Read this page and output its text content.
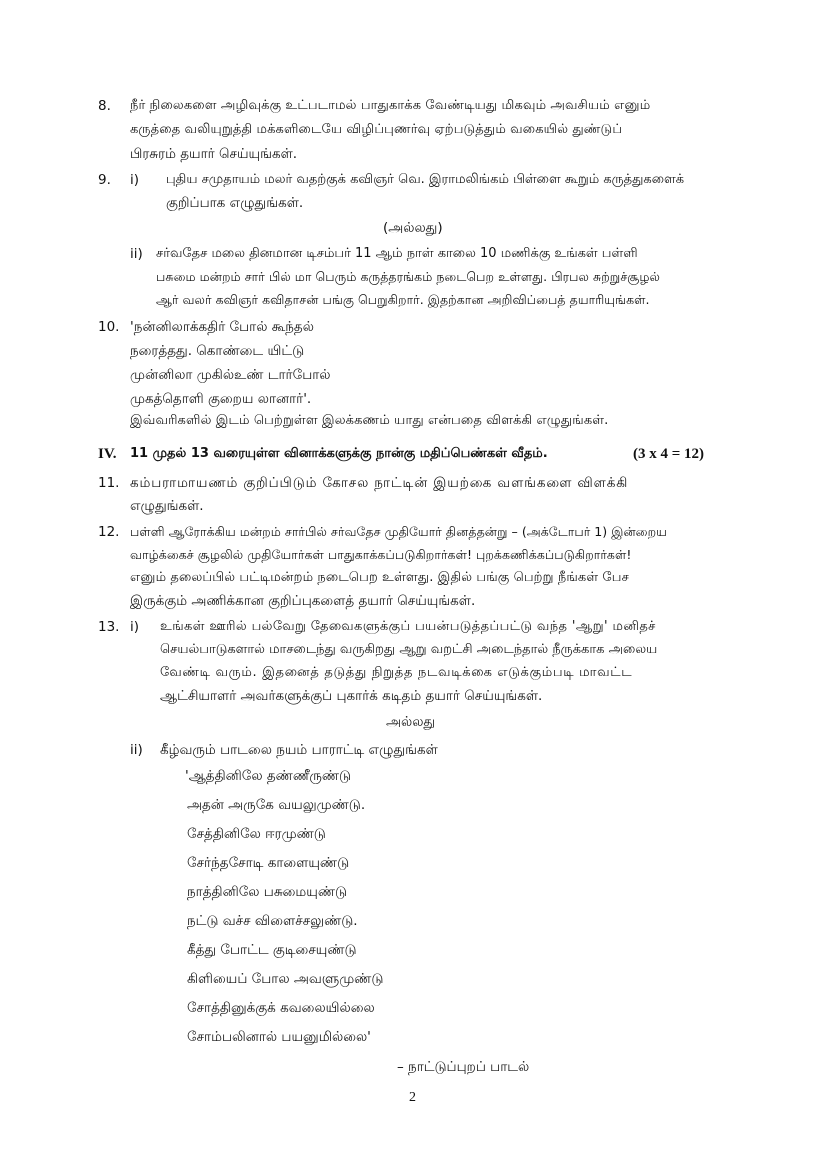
8. நீர் நிலைகளை அழிவுக்கு உட்படாமல் பாதுகாக்க வேண்டியது மிகவும் அவசியம் எனும்
கருத்தை வலியுறுத்தி மக்களிடையே விழிப்புணர்வு ஏற்படுத்தும் வகையில் துண்டுப்
பிரசுரம் தயார் செய்யுங்கள்.
9. i) புதிய சமுதாயம் மலர் வதற்குக் கவிஞர் வெ. இராமலிங்கம் பிள்ளை கூறும் கருத்துகளைக்
குறிப்பாக எழுதுங்கள்.
(அல்லது)
ii) சர்வதேச மலை தினமான டிசம்பர் 11 ஆம் நாள் காலை 10 மணிக்கு உங்கள் பள்ளி
பசுமை மன்றம் சார் பில் மா பெரும் கருத்தரங்கம் நடைபெற உள்ளது. பிரபல சுற்றுச்சூழல்
ஆர் வலர் கவிஞர் கவிதாசன் பங்கு பெறுகிறார். இதற்கான அறிவிப்பைத் தயாரியுங்கள்.
10. 'நன்னிலாக்கதிர் போல் கூந்தல்
நரைத்தது. கொண்டை யிட்டு
முன்னிலா முகில்உண் டார்போல்
முகத்தொளி குறைய லானார்'.
இவ்வரிகளில் இடம் பெற்றுள்ள இலக்கணம் யாது என்பதை விளக்கி எழுதுங்கள்.
IV. 11 முதல் 13 வரையுள்ள வினாக்களுக்கு நான்கு மதிப்பெண்கள் வீதம்.	(3 x 4 = 12)
11. கம்பராமாயணம் குறிப்பிடும் கோசல நாட்டின் இயற்கை வளங்களை விளக்கி
எழுதுங்கள்.
12. பள்ளி ஆரோக்கிய மன்றம் சார்பில் சர்வதேச முதியோர் தினத்தன்று – (அக்டோபர் 1) இன்றைய
வாழ்க்கைச் சூழலில் முதியோர்கள் பாதுகாக்கப்படுகிறார்கள்! புறக்கணிக்கப்படுகிறார்கள்!
எனும் தலைப்பில் பட்டிமன்றம் நடைபெற உள்ளது. இதில் பங்கு பெற்று நீங்கள் பேச
இருக்கும் அணிக்கான குறிப்புகளைத் தயார் செய்யுங்கள்.
13. i) உங்கள் ஊரில் பல்வேறு தேவைகளுக்குப் பயன்படுத்தப்பட்டு வந்த 'ஆறு' மனிதச்
செயல்பாடுகளால் மாசடைந்து வருகிறது ஆறு வறட்சி அடைந்தால் நீருக்காக அலைய
வேண்டி வரும். இதனைத் தடுத்து நிறுத்த நடவடிக்கை எடுக்கும்படி மாவட்ட
ஆட்சியாளர் அவர்களுக்குப் புகார்க் கடிதம் தயார் செய்யுங்கள்.
அல்லது
ii) கீழ்வரும் பாடலை நயம் பாராட்டி எழுதுங்கள்
'ஆத்தினிலே தண்ணீருண்டு
அதன் அருகே வயலுமுண்டு.
சேத்தினிலே ஈரமுண்டு
சேர்ந்தசோடி காளையுண்டு
நாத்தினிலே பசுமையுண்டு
நட்டு வச்ச விளைச்சலுண்டு.
கீத்து போட்ட குடிசையுண்டு
கிளியைப் போல அவளுமுண்டு
சோத்தினுக்குக் கவலையில்லை
சோம்பலினால் பயனுமில்லை'
– நாட்டுப்புறப் பாடல்
2
